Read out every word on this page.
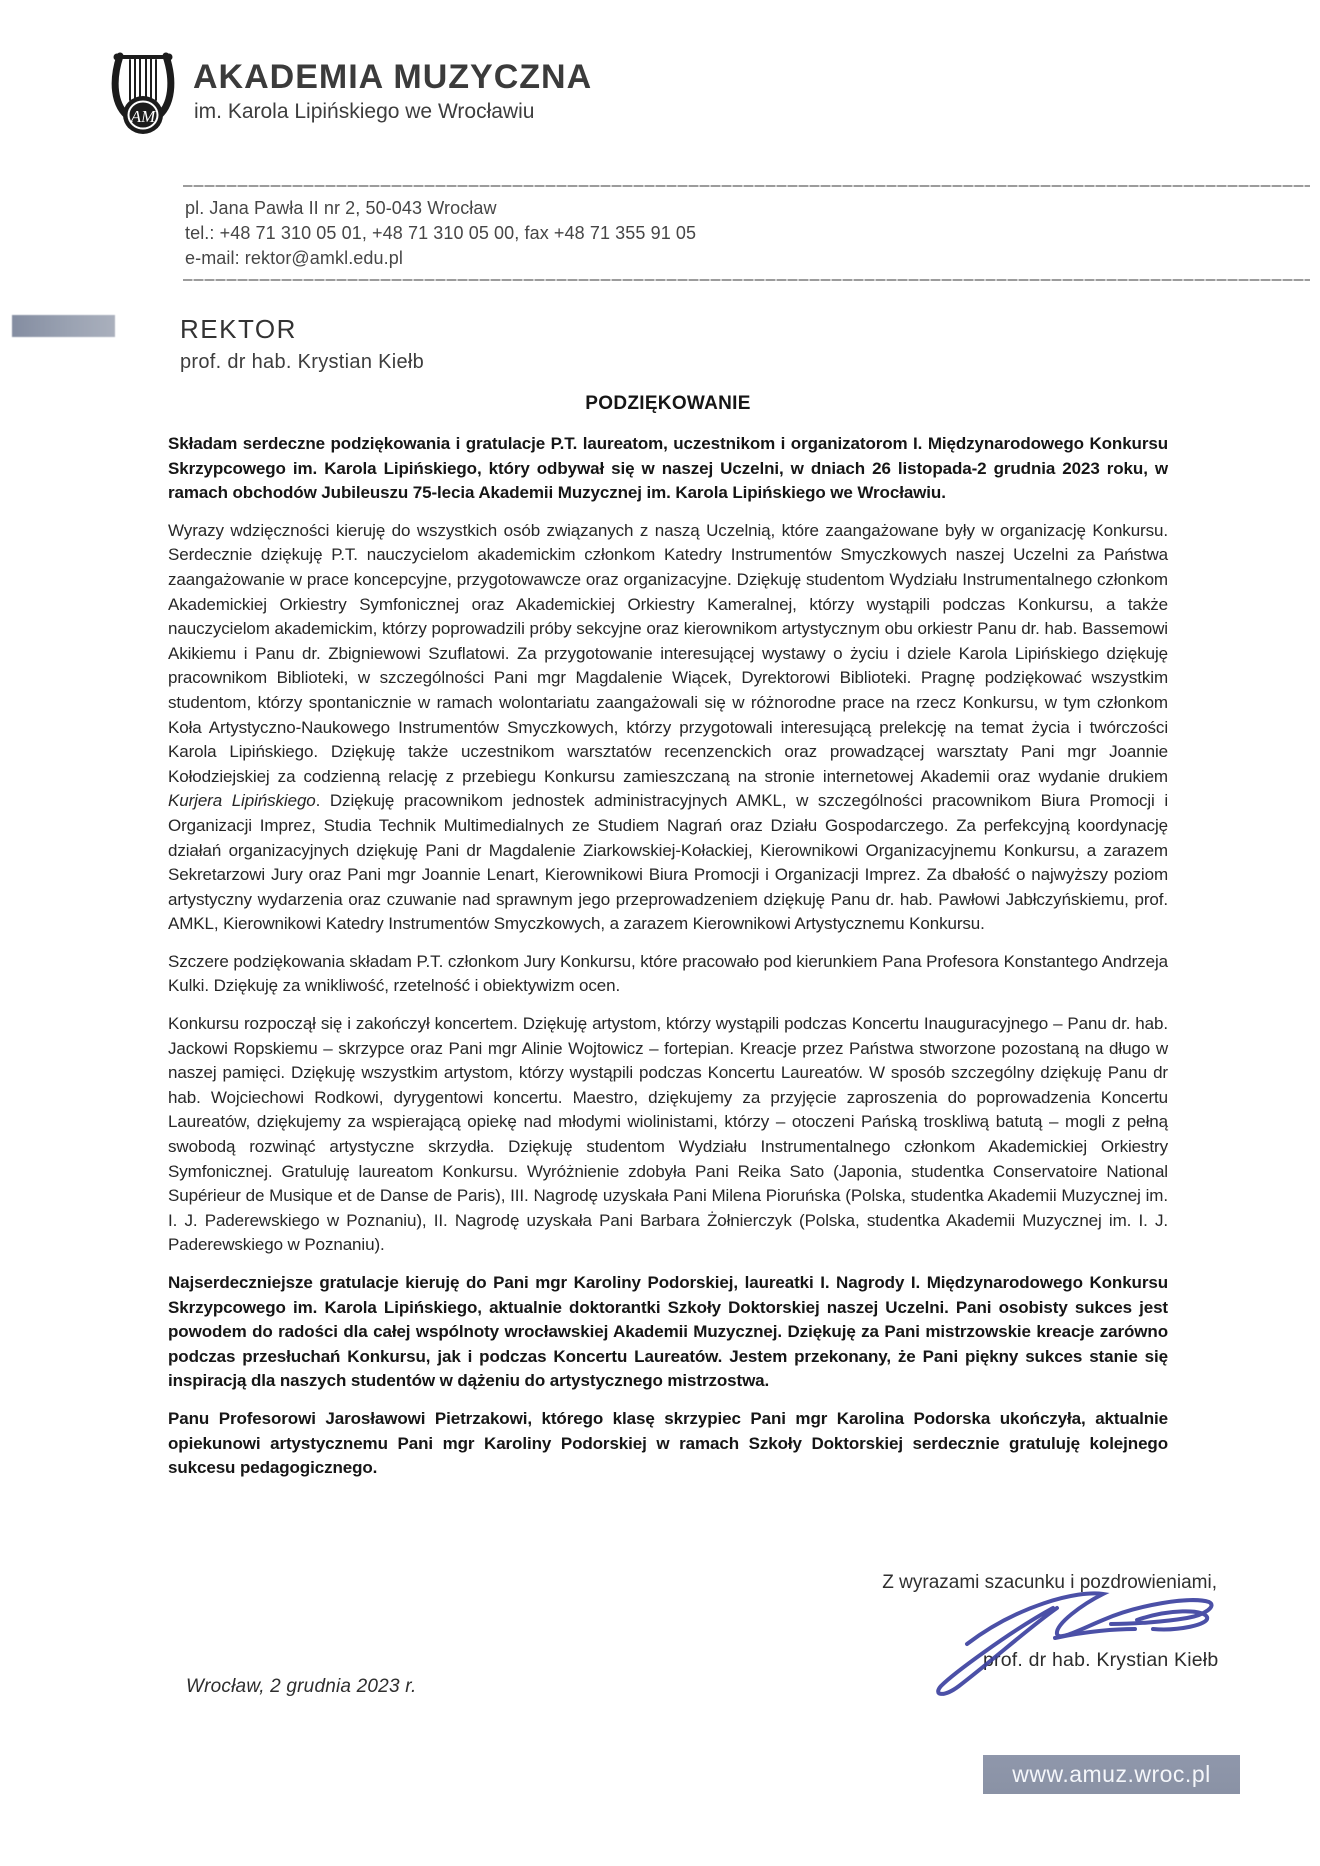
AM
AKADEMIA MUZYCZNA
im. Karola Lipińskiego we Wrocławiu
pl. Jana Pawła II nr 2, 50-043 Wrocław
tel.: +48 71 310 05 01, +48 71 310 05 00, fax +48 71 355 91 05
e-mail: rektor@amkl.edu.pl
REKTOR
prof. dr hab. Krystian Kiełb

PODZIĘKOWANIE

Składam serdeczne podziękowania i gratulacje P.T. laureatom, uczestnikom i organizatorom I. Międzynarodowego Konkursu Skrzypcowego im. Karola Lipińskiego, który odbywał się w naszej Uczelni, w dniach 26 listopada-2 grudnia 2023 roku, w ramach obchodów Jubileuszu 75-lecia Akademii Muzycznej im. Karola Lipińskiego we Wrocławiu.

Wyrazy wdzięczności kieruję do wszystkich osób związanych z naszą Uczelnią, które zaangażowane były w organizację Konkursu. Serdecznie dziękuję P.T. nauczycielom akademickim członkom Katedry Instrumentów Smyczkowych naszej Uczelni za Państwa zaangażowanie w prace koncepcyjne, przygotowawcze oraz organizacyjne. Dziękuję studentom Wydziału Instrumentalnego członkom Akademickiej Orkiestry Symfonicznej oraz Akademickiej Orkiestry Kameralnej, którzy wystąpili podczas Konkursu, a także nauczycielom akademickim, którzy poprowadzili próby sekcyjne oraz kierownikom artystycznym obu orkiestr Panu dr. hab. Bassemowi Akikiemu i Panu dr. Zbigniewowi Szuflatowi. Za przygotowanie interesującej wystawy o życiu i dziele Karola Lipińskiego dziękuję pracownikom Biblioteki, w szczególności Pani mgr Magdalenie Wiącek, Dyrektorowi Biblioteki. Pragnę podziękować wszystkim studentom, którzy spontanicznie w ramach wolontariatu zaangażowali się w różnorodne prace na rzecz Konkursu, w tym członkom Koła Artystyczno-Naukowego Instrumentów Smyczkowych, którzy przygotowali interesującą prelekcję na temat życia i twórczości Karola Lipińskiego. Dziękuję także uczestnikom warsztatów recenzenckich oraz prowadzącej warsztaty Pani mgr Joannie Kołodziejskiej za codzienną relację z przebiegu Konkursu zamieszczaną na stronie internetowej Akademii oraz wydanie drukiem Kurjera Lipińskiego. Dziękuję pracownikom jednostek administracyjnych AMKL, w szczególności pracownikom Biura Promocji i Organizacji Imprez, Studia Technik Multimedialnych ze Studiem Nagrań oraz Działu Gospodarczego. Za perfekcyjną koordynację działań organizacyjnych dziękuję Pani dr Magdalenie Ziarkowskiej-Kołackiej, Kierownikowi Organizacyjnemu Konkursu, a zarazem Sekretarzowi Jury oraz Pani mgr Joannie Lenart, Kierownikowi Biura Promocji i Organizacji Imprez. Za dbałość o najwyższy poziom artystyczny wydarzenia oraz czuwanie nad sprawnym jego przeprowadzeniem dziękuję Panu dr. hab. Pawłowi Jabłczyńskiemu, prof. AMKL, Kierownikowi Katedry Instrumentów Smyczkowych, a zarazem Kierownikowi Artystycznemu Konkursu.

Szczere podziękowania składam P.T. członkom Jury Konkursu, które pracowało pod kierunkiem Pana Profesora Konstantego Andrzeja Kulki. Dziękuję za wnikliwość, rzetelność i obiektywizm ocen.

Konkursu rozpoczął się i zakończył koncertem. Dziękuję artystom, którzy wystąpili podczas Koncertu Inauguracyjnego – Panu dr. hab. Jackowi Ropskiemu – skrzypce oraz Pani mgr Alinie Wojtowicz – fortepian. Kreacje przez Państwa stworzone pozostaną na długo w naszej pamięci. Dziękuję wszystkim artystom, którzy wystąpili podczas Koncertu Laureatów. W sposób szczególny dziękuję Panu dr hab. Wojciechowi Rodkowi, dyrygentowi koncertu. Maestro, dziękujemy za przyjęcie zaproszenia do poprowadzenia Koncertu Laureatów, dziękujemy za wspierającą opiekę nad młodymi wiolinistami, którzy – otoczeni Pańską troskliwą batutą – mogli z pełną swobodą rozwinąć artystyczne skrzydła. Dziękuję studentom Wydziału Instrumentalnego członkom Akademickiej Orkiestry Symfonicznej. Gratuluję laureatom Konkursu. Wyróżnienie zdobyła Pani Reika Sato (Japonia, studentka Conservatoire National Supérieur de Musique et de Danse de Paris), III. Nagrodę uzyskała Pani Milena Pioruńska (Polska, studentka Akademii Muzycznej im. I. J. Paderewskiego w Poznaniu), II. Nagrodę uzyskała Pani Barbara Żołnierczyk (Polska, studentka Akademii Muzycznej im. I. J. Paderewskiego w Poznaniu).

Najserdeczniejsze gratulacje kieruję do Pani mgr Karoliny Podorskiej, laureatki I. Nagrody I. Międzynarodowego Konkursu Skrzypcowego im. Karola Lipińskiego, aktualnie doktorantki Szkoły Doktorskiej naszej Uczelni. Pani osobisty sukces jest powodem do radości dla całej wspólnoty wrocławskiej Akademii Muzycznej. Dziękuję za Pani mistrzowskie kreacje zarówno podczas przesłuchań Konkursu, jak i podczas Koncertu Laureatów. Jestem przekonany, że Pani piękny sukces stanie się inspiracją dla naszych studentów w dążeniu do artystycznego mistrzostwa.

Panu Profesorowi Jarosławowi Pietrzakowi, którego klasę skrzypiec Pani mgr Karolina Podorska ukończyła, aktualnie opiekunowi artystycznemu Pani mgr Karoliny Podorskiej w ramach Szkoły Doktorskiej serdecznie gratuluję kolejnego sukcesu pedagogicznego.

Z wyrazami szacunku i pozdrowieniami,
prof. dr hab. Krystian Kiełb
Wrocław, 2 grudnia 2023 r.
www.amuz.wroc.pl
